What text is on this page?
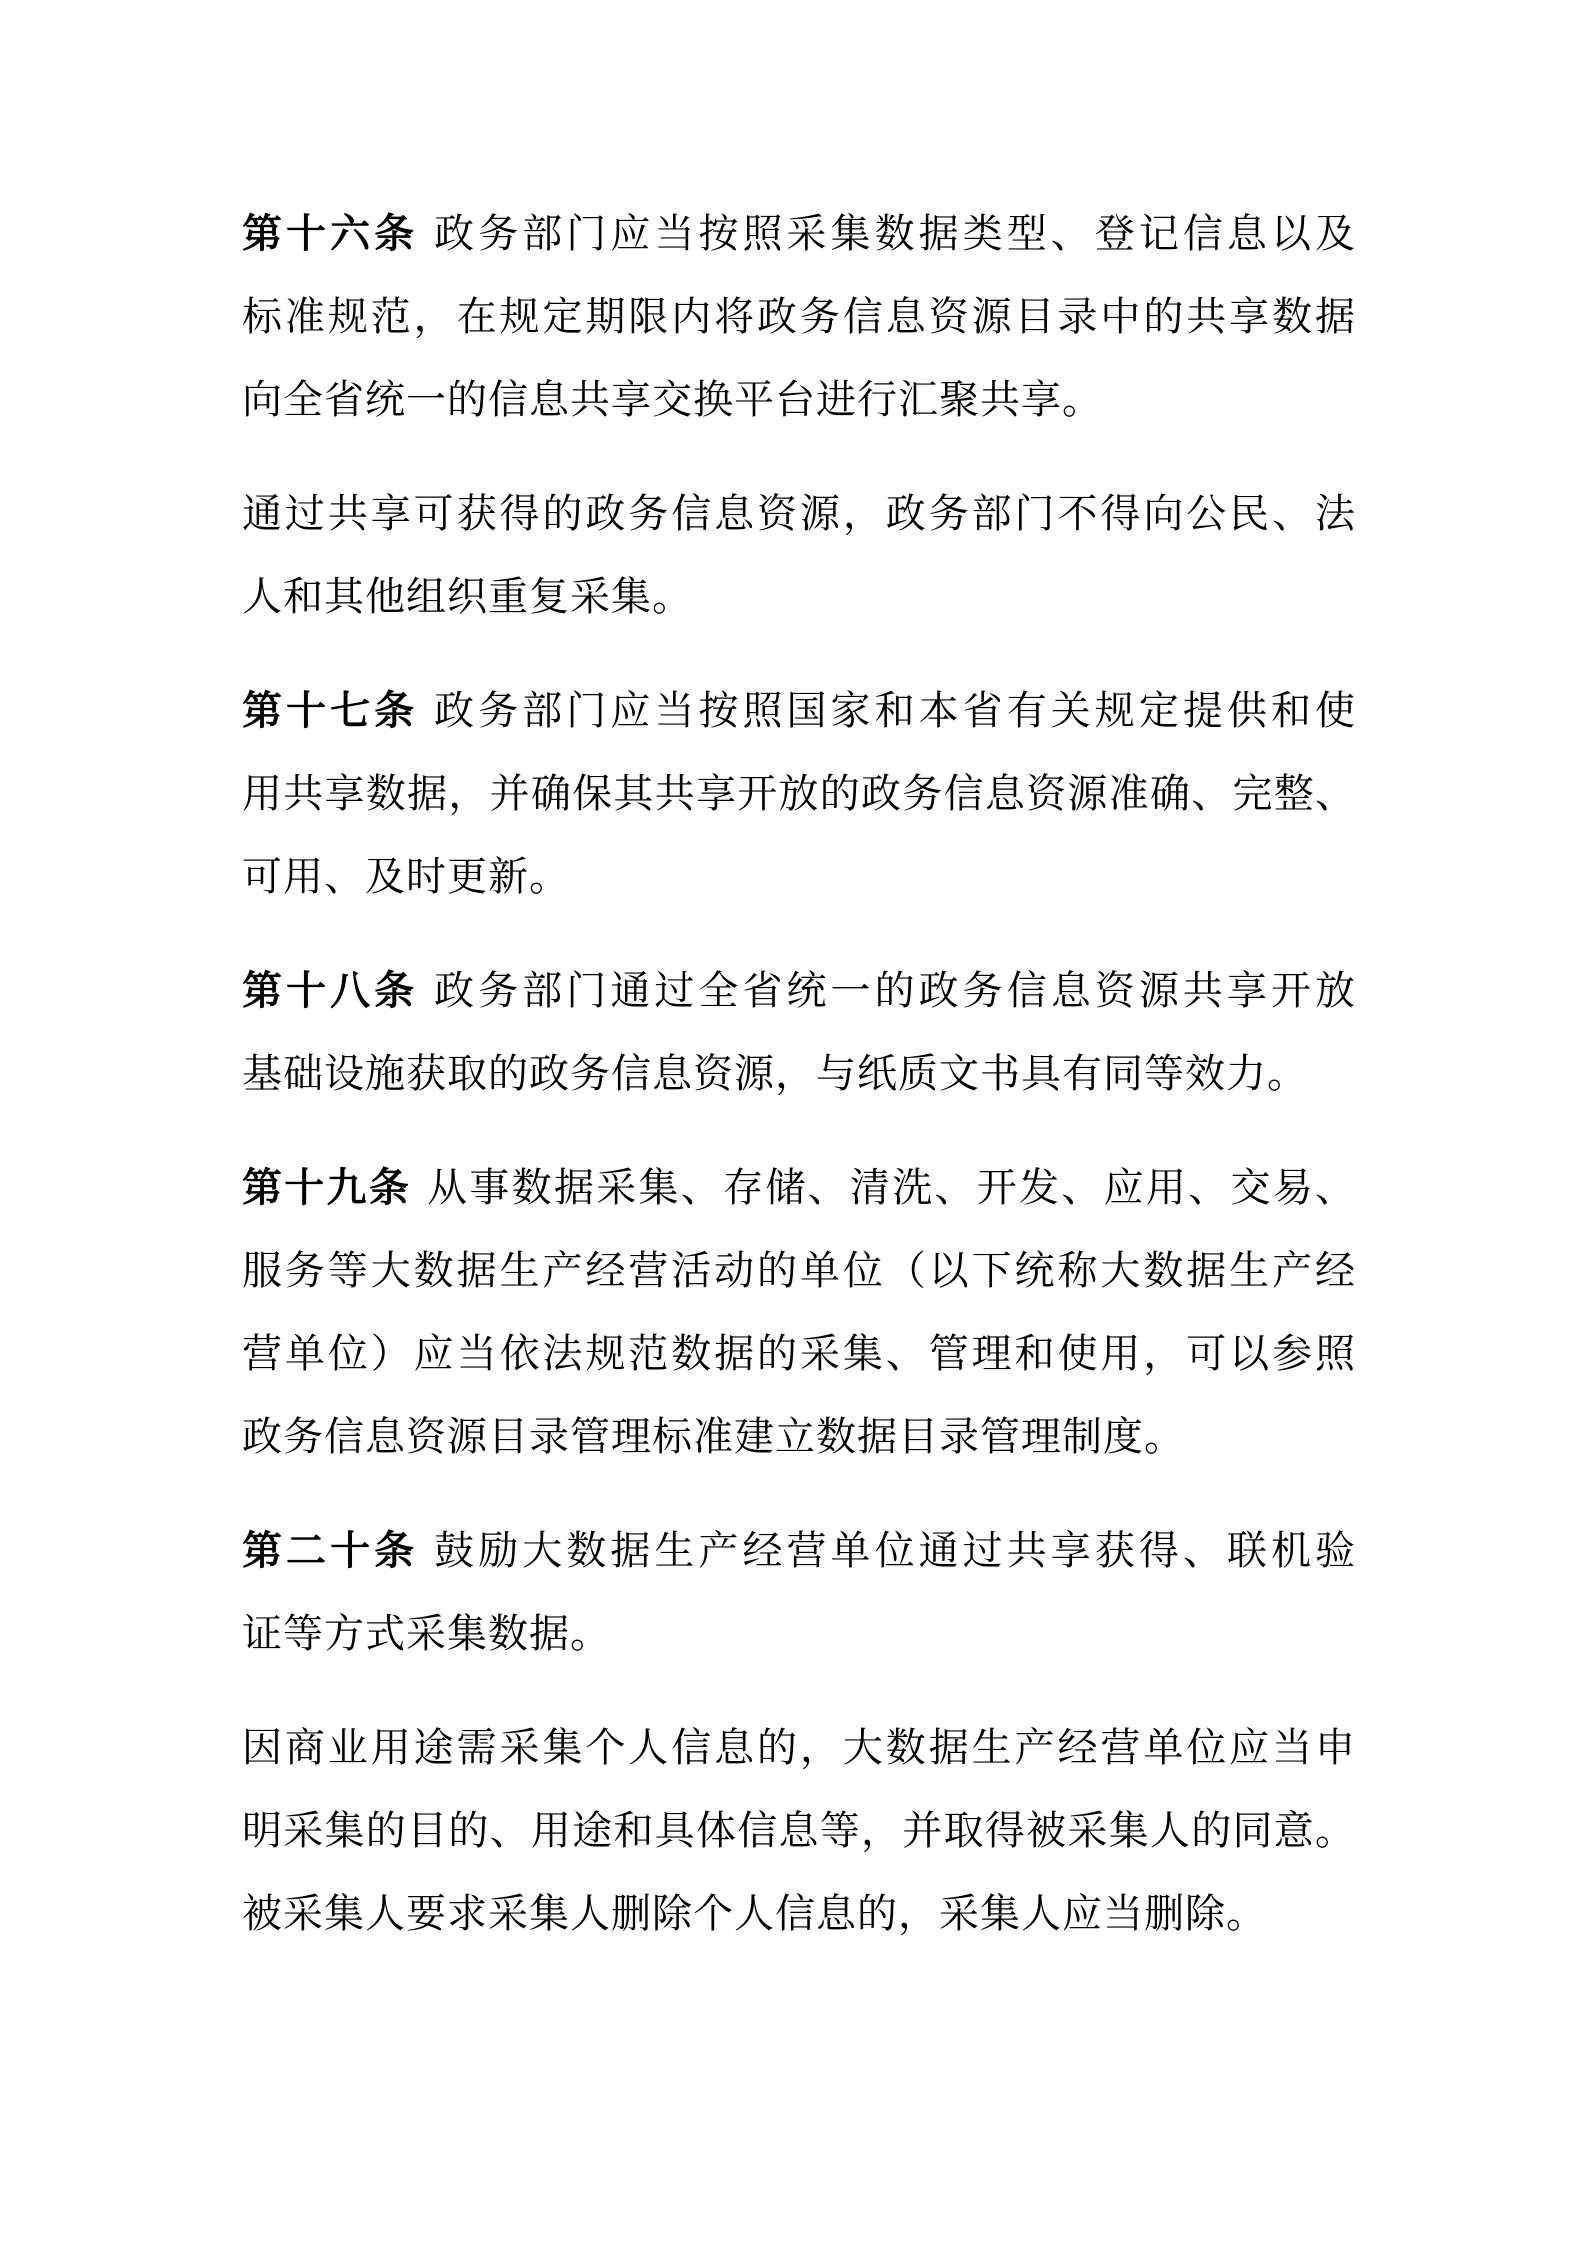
第十六条 政务部门应当按照采集数据类型、登记信息以及
标准规范，在规定期限内将政务信息资源目录中的共享数据
向全省统一的信息共享交换平台进行汇聚共享。
通过共享可获得的政务信息资源，政务部门不得向公民、法
人和其他组织重复采集。
第十七条 政务部门应当按照国家和本省有关规定提供和使
用共享数据，并确保其共享开放的政务信息资源准确、完整、
可用、及时更新。
第十八条 政务部门通过全省统一的政务信息资源共享开放
基础设施获取的政务信息资源，与纸质文书具有同等效力。
第十九条 从事数据采集、存储、清洗、开发、应用、交易、
服务等大数据生产经营活动的单位（以下统称大数据生产经
营单位）应当依法规范数据的采集、管理和使用，可以参照
政务信息资源目录管理标准建立数据目录管理制度。
第二十条 鼓励大数据生产经营单位通过共享获得、联机验
证等方式采集数据。
因商业用途需采集个人信息的，大数据生产经营单位应当申
明采集的目的、用途和具体信息等，并取得被采集人的同意。
被采集人要求采集人删除个人信息的，采集人应当删除。
